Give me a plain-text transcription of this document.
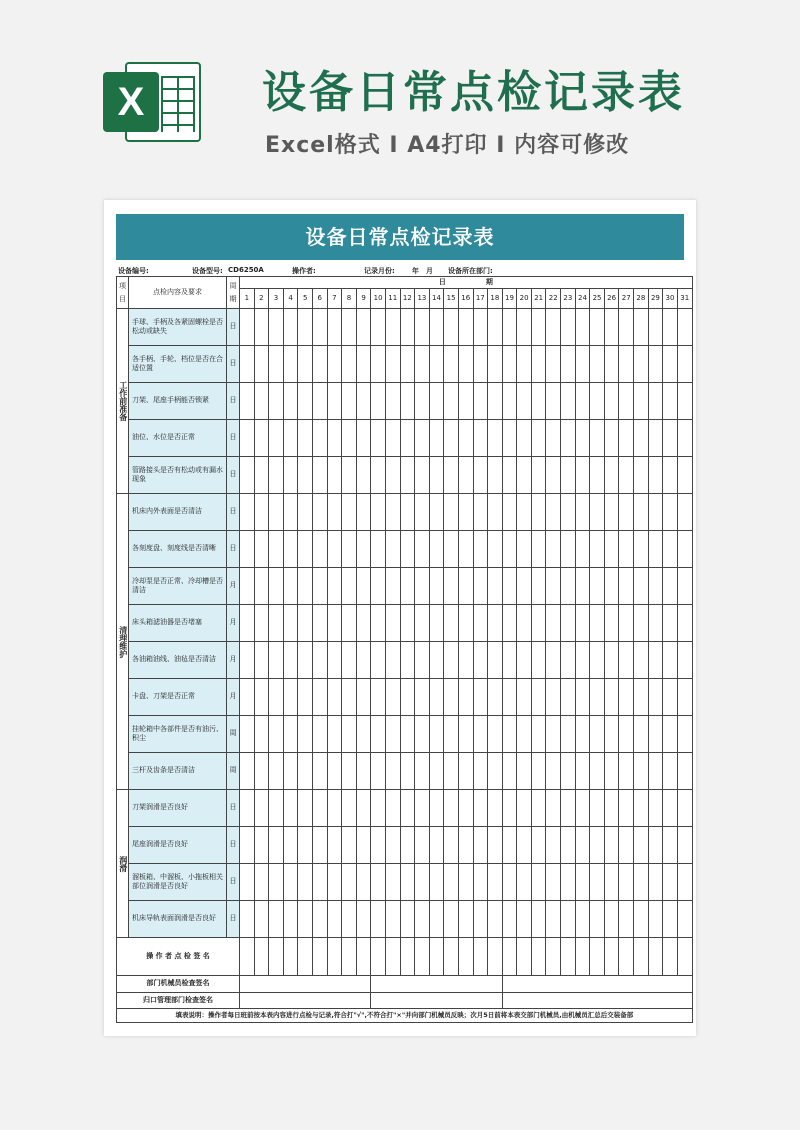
X	设备日常点检记录表
Excel格式 I A4打印 I 内容可修改
设备日常点检记录表
设备编号:	设备型号: CD6250A	操作者:	记录月份: 年 月 设备所在部门:
项目	点检内容及要求	周期	日 期																														
			1	2	3	4	5	6	7	8	9	10	11	12	13	14	15	16	17	18	19	20	21	22	23	24	25	26	27	28	29	30	31
工作前准备	手球、手柄及各紧固螺栓是否松动或缺失	日																															
	各手柄、手轮、档位是否在合适位置	日																															
	刀架、尾座手柄能否锁紧	日																															
	油位、水位是否正常	日																															
	管路接头是否有松动或有漏水现象	日																															
清理维护	机床内外表面是否清洁	日																															
	各刻度盘、刻度线是否清晰	日																															
	冷却泵是否正常、冷却槽是否清洁	月																															
	床头箱滤油器是否堵塞	月																															
	各油箱油线、油毡是否清洁	月																															
	卡盘、刀架是否正常	月																															
	挂轮箱中各部件是否有油污、积尘	周																															
	三杆及齿条是否清洁	周																															
润滑	刀架润滑是否良好	日																															
	尾座润滑是否良好	日																															
	溜板箱、中溜板、小拖板相关部位润滑是否良好	日																															
	机床导轨表面润滑是否良好	日																															
操 作 者 点 检 签 名																																	
部门机械员检查签名																																	
归口管理部门检查签名																																	
填表说明：操作者每日班前按本表内容进行点检与记录,符合打"√",不符合打"×"并向部门机械员反映；次月5日前将本表交部门机械员,由机械员汇总后交装备部																																	
